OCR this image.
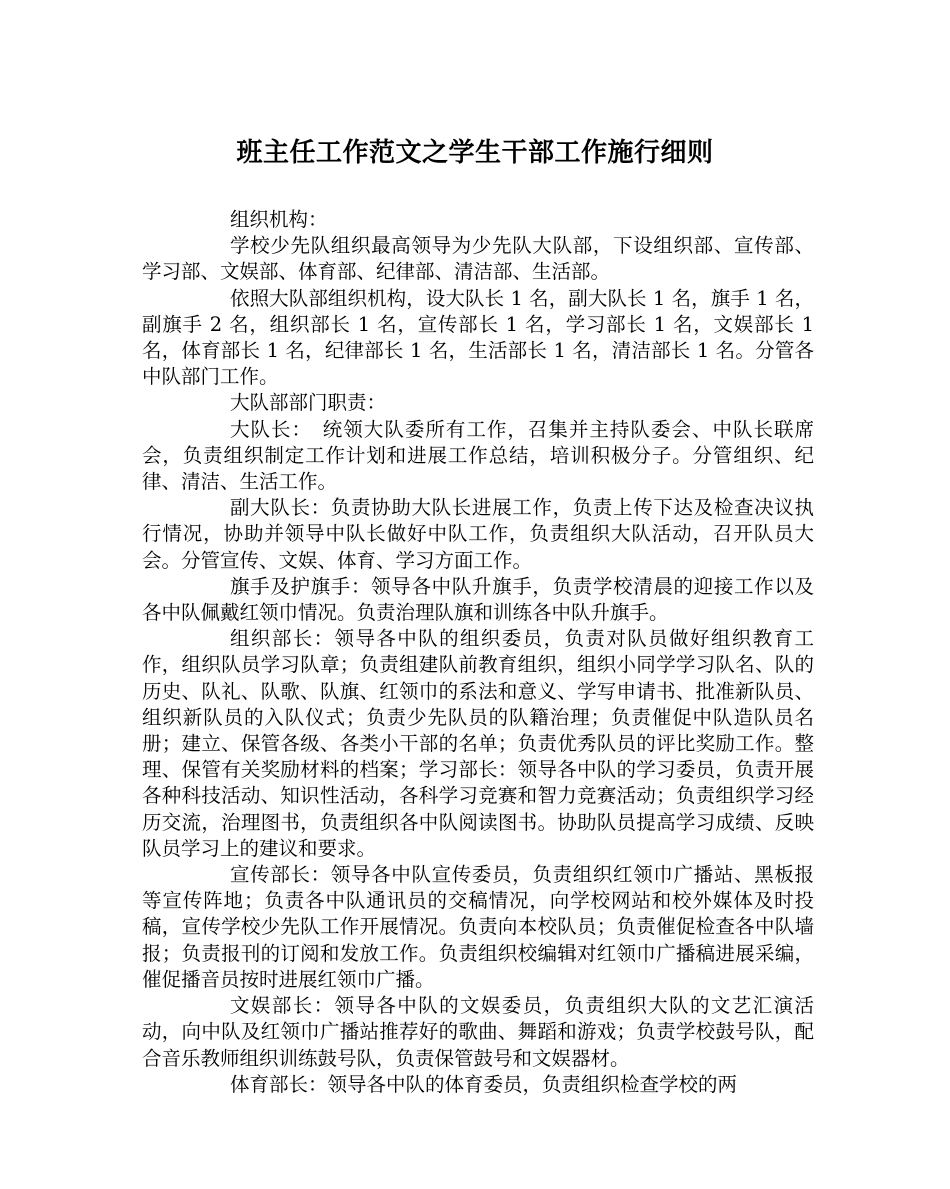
班主任工作范文之学生干部工作施行细则

组织机构：

学校少先队组织最高领导为少先队大队部，下设组织部、宣传部、学习部、文娱部、体育部、纪律部、清洁部、生活部。

依照大队部组织机构，设大队长 1 名，副大队长 1 名，旗手 1 名，副旗手 2 名，组织部长 1 名，宣传部长 1 名，学习部长 1 名，文娱部长 1 名，体育部长 1 名，纪律部长 1 名，生活部长 1 名，清洁部长 1 名。分管各中队部门工作。

大队部部门职责：

大队长：　统领大队委所有工作，召集并主持队委会、中队长联席会，负责组织制定工作计划和进展工作总结，培训积极分子。分管组织、纪律、清洁、生活工作。

副大队长：负责协助大队长进展工作，负责上传下达及检查决议执行情况，协助并领导中队长做好中队工作，负责组织大队活动，召开队员大会。分管宣传、文娱、体育、学习方面工作。

旗手及护旗手：领导各中队升旗手，负责学校清晨的迎接工作以及各中队佩戴红领巾情况。负责治理队旗和训练各中队升旗手。

组织部长：领导各中队的组织委员，负责对队员做好组织教育工作，组织队员学习队章；负责组建队前教育组织，组织小同学学习队名、队的历史、队礼、队歌、队旗、红领巾的系法和意义、学写申请书、批准新队员、组织新队员的入队仪式；负责少先队员的队籍治理；负责催促中队造队员名册；建立、保管各级、各类小干部的名单；负责优秀队员的评比奖励工作。整理、保管有关奖励材料的档案；学习部长：领导各中队的学习委员，负责开展各种科技活动、知识性活动，各科学习竞赛和智力竞赛活动；负责组织学习经历交流，治理图书，负责组织各中队阅读图书。协助队员提高学习成绩、反映队员学习上的建议和要求。

宣传部长：领导各中队宣传委员，负责组织红领巾广播站、黑板报等宣传阵地；负责各中队通讯员的交稿情况，向学校网站和校外媒体及时投稿，宣传学校少先队工作开展情况。负责向本校队员；负责催促检查各中队墙报；负责报刊的订阅和发放工作。负责组织校编辑对红领巾广播稿进展采编，催促播音员按时进展红领巾广播。

文娱部长：领导各中队的文娱委员，负责组织大队的文艺汇演活动，向中队及红领巾广播站推荐好的歌曲、舞蹈和游戏；负责学校鼓号队，配合音乐教师组织训练鼓号队，负责保管鼓号和文娱器材。

体育部长：领导各中队的体育委员，负责组织检查学校的两
